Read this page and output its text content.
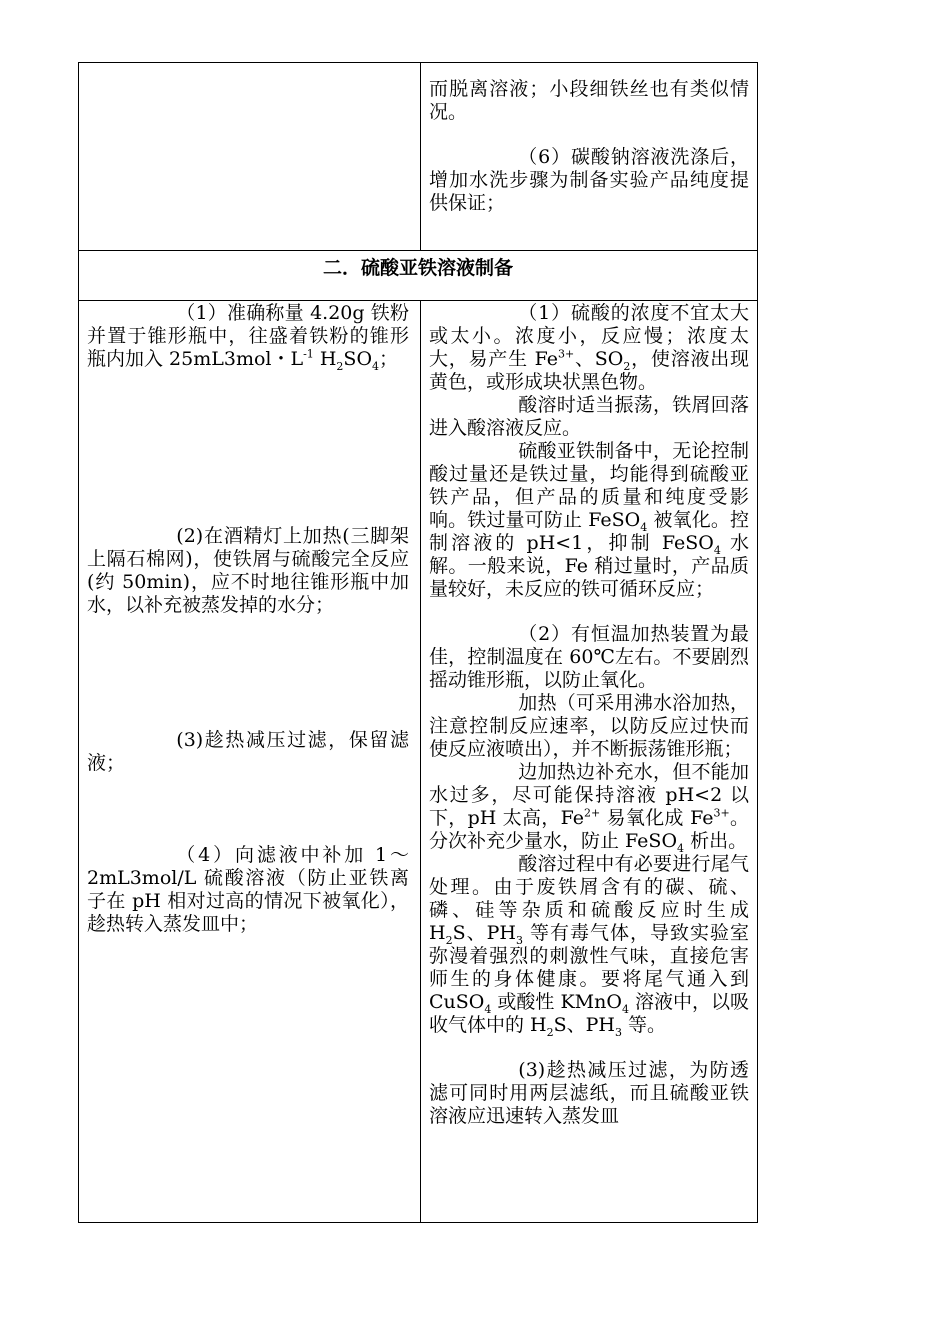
而脱离溶液；小段细铁丝也有类似情况。

（6）碳酸钠溶液洗涤后，增加水洗步骤为制备实验产品纯度提供保证；

二．硫酸亚铁溶液制备

（1）准确称量 4.20g 铁粉并置于锥形瓶中，往盛着铁粉的锥形瓶内加入 25mL3mol・$L^{-1}$ $H_2SO_4$；

(2)在酒精灯上加热(三脚架上隔石棉网)，使铁屑与硫酸完全反应(约 50min)，应不时地往锥形瓶中加水，以补充被蒸发掉的水分；

(3)趁热减压过滤，保留滤液；

（4）向滤液中补加 1～2mL3mol/L 硫酸溶液（防止亚铁离子在 pH 相对过高的情况下被氧化），趁热转入蒸发皿中；

（1）硫酸的浓度不宜太大或太小。浓度小，反应慢；浓度太大，易产生 $Fe^{3+}$、$SO_2$，使溶液出现黄色，或形成块状黑色物。

酸溶时适当振荡，铁屑回落进入酸溶液反应。

硫酸亚铁制备中，无论控制酸过量还是铁过量，均能得到硫酸亚铁产品，但产品的质量和纯度受影响。铁过量可防止 FeSO$_4$ 被氧化。控制溶液的 pH<1，抑制 FeSO$_4$ 水解。一般来说，Fe 稍过量时，产品质量较好，未反应的铁可循环反应；

（2）有恒温加热装置为最佳，控制温度在 60℃左右。不要剧烈摇动锥形瓶，以防止氧化。

加热（可采用沸水浴加热，注意控制反应速率，以防反应过快而使反应液喷出），并不断振荡锥形瓶；

边加热边补充水，但不能加水过多，尽可能保持溶液 pH<2 以下，pH 太高，$Fe^{2+}$ 易氧化成 $Fe^{3+}$。分次补充少量水，防止 FeSO$_4$ 析出。

酸溶过程中有必要进行尾气处理。由于废铁屑含有的碳、硫、磷、硅等杂质和硫酸反应时生成 $H_2S$、$PH_3$ 等有毒气体，导致实验室弥漫着强烈的刺激性气味，直接危害师生的身体健康。要将尾气通入到 CuSO$_4$ 或酸性 KMnO$_4$ 溶液中，以吸收气体中的 $H_2S$、$PH_3$ 等。

(3)趁热减压过滤，为防透滤可同时用两层滤纸，而且硫酸亚铁溶液应迅速转入蒸发皿
